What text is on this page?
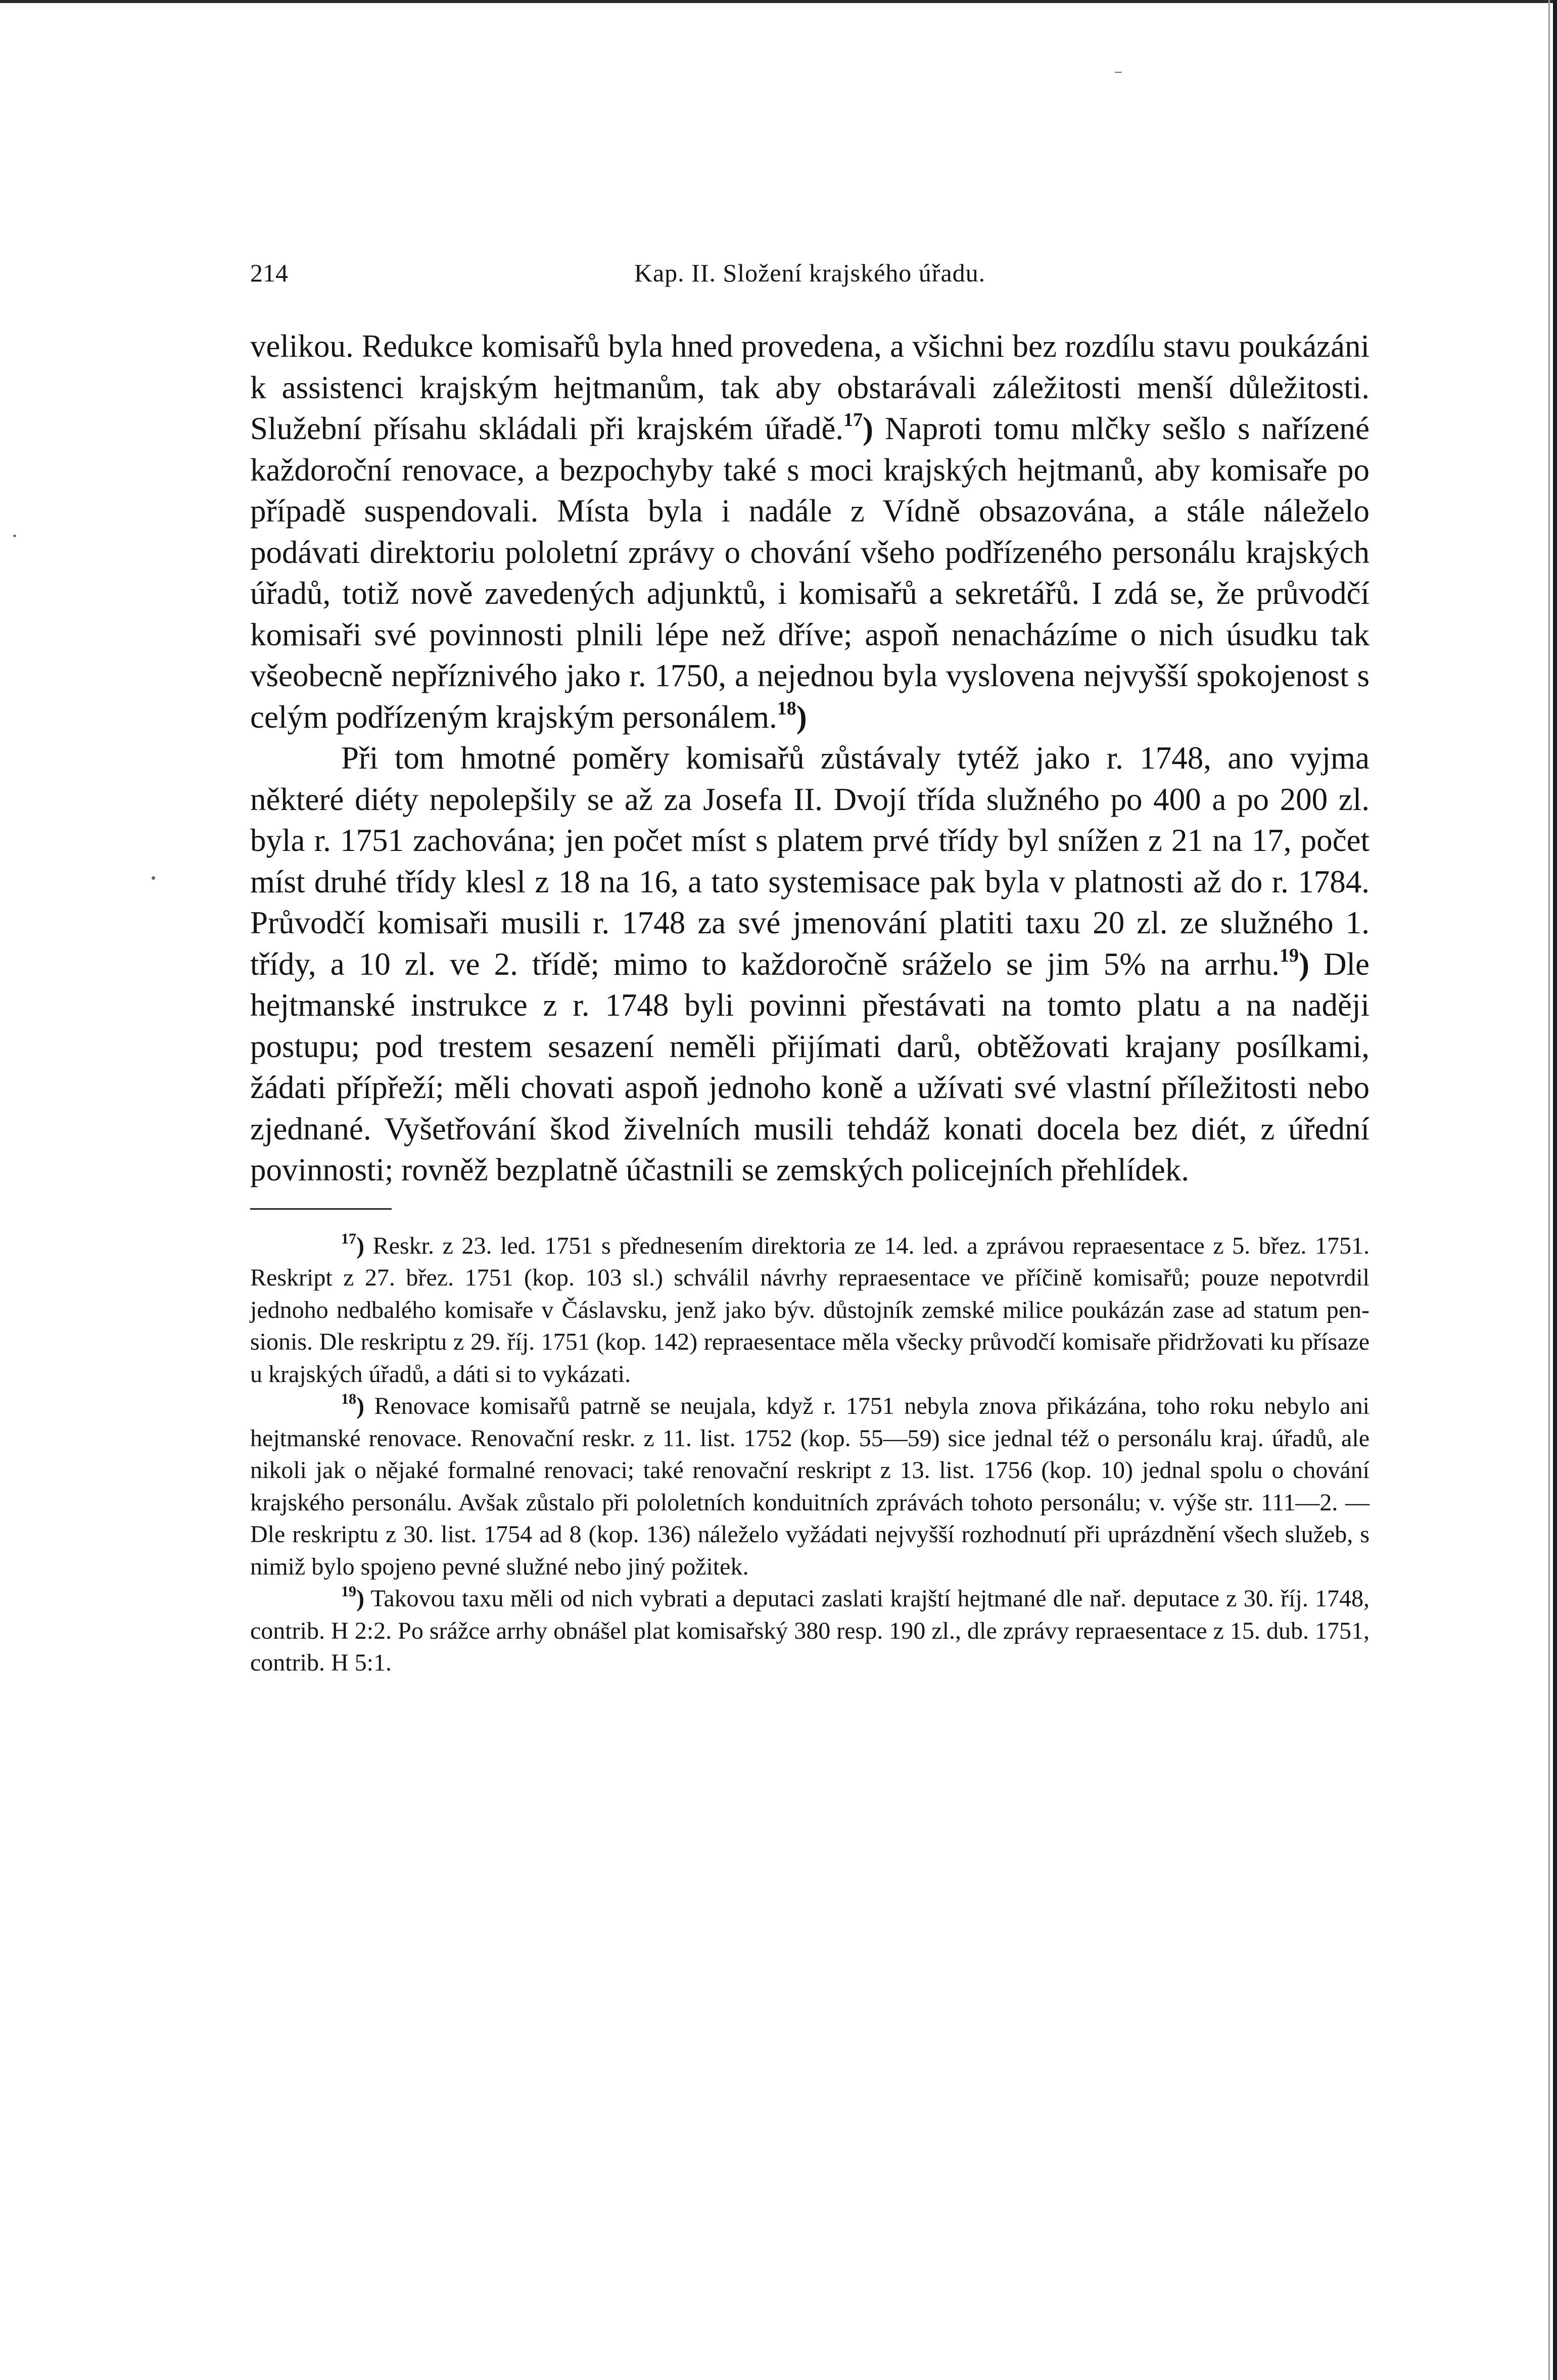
214	Kap. II. Složení krajského úřadu.

velikou. Redukce komisařů byla hned provedena, a všichni bez rozdílu stavu poukázáni k assistenci krajským hejtmanům, tak aby obstarávali záležitosti menší důležitosti. Služební přísahu skládali při krajském úřadě.$^{17}$) Naproti tomu mlčky sešlo s nařízené každoroční renovace, a bezpochyby také s moci krajských hejtmanů, aby komisaře po případě suspendovali. Místa byla i nadále z Vídně obsazována, a stále náleželo podávati direktoriu pololetní zprávy o chování všeho podřízeného personálu krajských úřadů, totiž nově zavedených adjunktů, i komisařů a sekretářů. I zdá se, že průvodčí komisaři své povinnosti plnili lépe než dříve; aspoň nenacházíme o nich úsudku tak všeobecně nepříznivého jako r. 1750, a nejednou byla vyslovena nejvyšší spokojenost s celým podřízeným krajským personálem.$^{18}$)

Při tom hmotné poměry komisařů zůstávaly tytéž jako r. 1748, ano vyjma některé diéty nepolepšily se až za Josefa II. Dvojí třída služného po 400 a po 200 zl. byla r. 1751 zachována; jen počet míst s platem prvé třídy byl snížen z 21 na 17, počet míst druhé třídy klesl z 18 na 16, a tato systemisace pak byla v platnosti až do r. 1784. Průvodčí komisaři musili r. 1748 za své jmenování platiti taxu 20 zl. ze služného 1. třídy, a 10 zl. ve 2. třídě; mimo to každoročně sráželo se jim 5% na arrhu.$^{19}$) Dle hejtmanské instrukce z r. 1748 byli povinni přestávati na tomto platu a na naději postupu; pod trestem sesazení neměli přijímati darů, obtěžovati krajany posílkami, žádati přípřeží; měli chovati aspoň jednoho koně a užívati své vlastní příležitosti nebo zjednané. Vyšetřování škod živelních musili tehdáž konati docela bez diét, z úřední povinnosti; rovněž bezplatně účastnili se zemských policejních přehlídek.

$^{17}$) Reskr. z 23. led. 1751 s přednesením direktoria ze 14. led. a zprávou repraesentace z 5. břez. 1751. Reskript z 27. břez. 1751 (kop. 103 sl.) schválil návrhy repraesentace ve příčině komisařů; pouze nepotvrdil jednoho nedbalého komisaře v Čáslavsku, jenž jako býv. důstojník zemské milice poukázán zase ad statum pensionis. Dle reskriptu z 29. říj. 1751 (kop. 142) repraesentace měla všecky průvodčí komisaře přidržovati ku přísaze u krajských úřadů, a dáti si to vykázati.

$^{18}$) Renovace komisařů patrně se neujala, když r. 1751 nebyla znova přikázána, toho roku nebylo ani hejtmanské renovace. Renovační reskr. z 11. list. 1752 (kop. 55—59) sice jednal též o personálu kraj. úřadů, ale nikoli jak o nějaké formalné renovaci; také renovační reskript z 13. list. 1756 (kop. 10) jednal spolu o chování krajského personálu. Avšak zůstalo při pololetních konduitních zprávách tohoto personálu; v. výše str. 111—2. — Dle reskriptu z 30. list. 1754 ad 8 (kop. 136) náleželo vyžádati nejvyšší rozhodnutí při uprázdnění všech služeb, s nimiž bylo spojeno pevné služné nebo jiný požitek.

$^{19}$) Takovou taxu měli od nich vybrati a deputaci zaslati krajští hejtmané dle nař. deputace z 30. říj. 1748, contrib. H 2:2. Po srážce arrhy obnášel plat komisařský 380 resp. 190 zl., dle zprávy repraesentace z 15. dub. 1751, contrib. H 5:1.
